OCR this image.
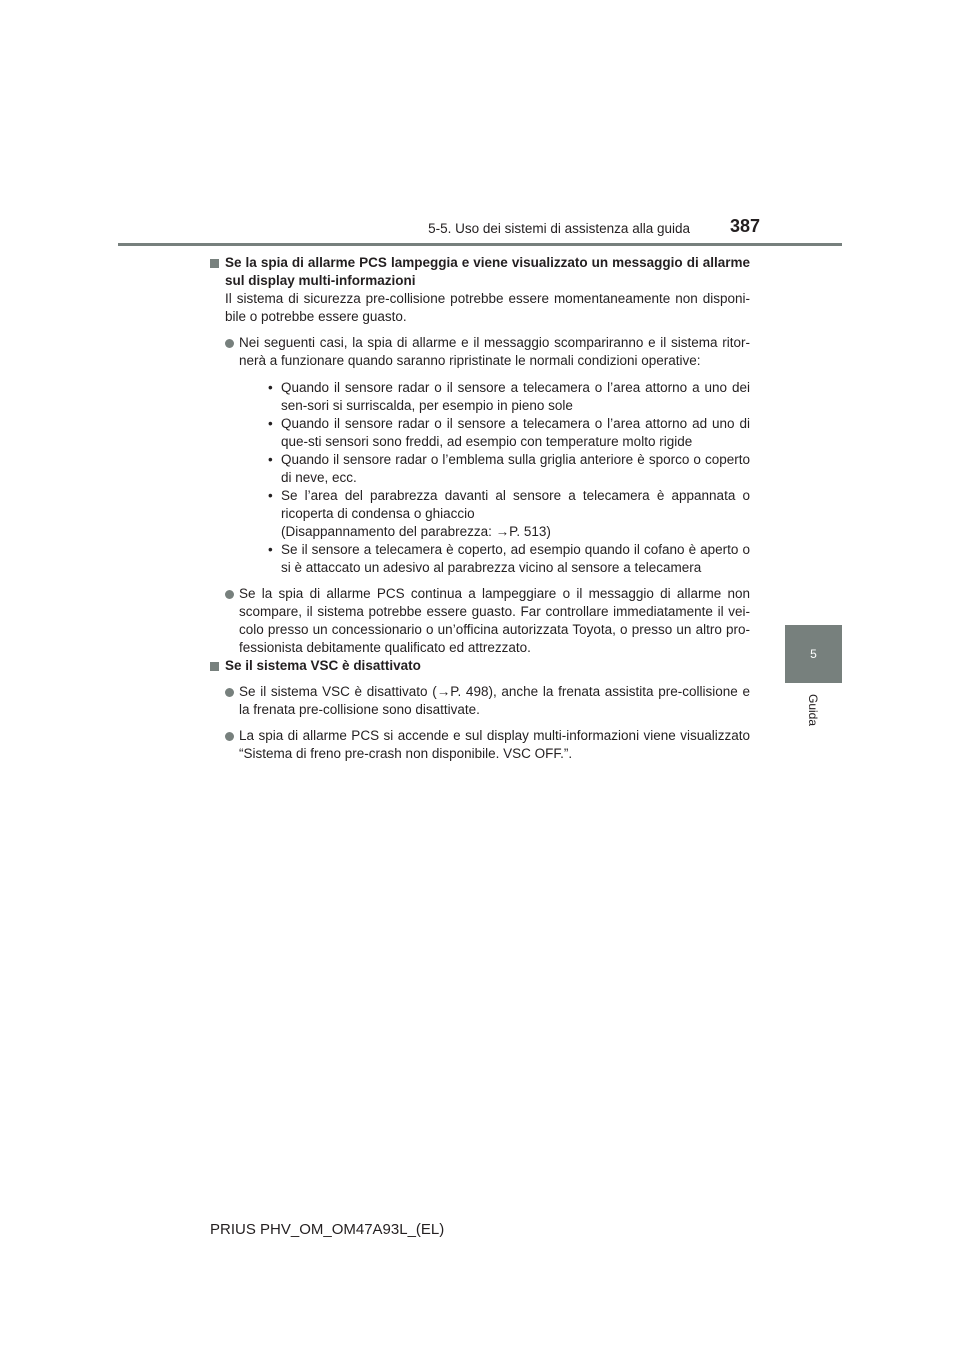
5-5. Uso dei sistemi di assistenza alla guida 387
5
Guida

Se la spia di allarme PCS lampeggia e viene visualizzato un messaggio di allarme sul display multi-informazioni

Il sistema di sicurezza pre-collisione potrebbe essere momentaneamente non disponi-bile o potrebbe essere guasto.

Nei seguenti casi, la spia di allarme e il messaggio scompariranno e il sistema ritor-nerà a funzionare quando saranno ripristinate le normali condizioni operative:

• Quando il sensore radar o il sensore a telecamera o l’area attorno a uno dei sen-sori si surriscalda, per esempio in pieno sole

• Quando il sensore radar o il sensore a telecamera o l’area attorno ad uno di que-sti sensori sono freddi, ad esempio con temperature molto rigide

• Quando il sensore radar o l’emblema sulla griglia anteriore è sporco o coperto di neve, ecc.

• Se l’area del parabrezza davanti al sensore a telecamera è appannata o ricoperta di condensa o ghiaccio

(Disappannamento del parabrezza: →P. 513)

• Se il sensore a telecamera è coperto, ad esempio quando il cofano è aperto o si è attaccato un adesivo al parabrezza vicino al sensore a telecamera

Se la spia di allarme PCS continua a lampeggiare o il messaggio di allarme non scompare, il sistema potrebbe essere guasto. Far controllare immediatamente il vei-colo presso un concessionario o un’officina autorizzata Toyota, o presso un altro pro-fessionista debitamente qualificato ed attrezzato.

Se il sistema VSC è disattivato

Se il sistema VSC è disattivato (→P. 498), anche la frenata assistita pre-collisione e la frenata pre-collisione sono disattivate.

La spia di allarme PCS si accende e sul display multi-informazioni viene visualizzato “Sistema di freno pre-crash non disponibile. VSC OFF.”.

PRIUS PHV_OM_OM47A93L_(EL)
